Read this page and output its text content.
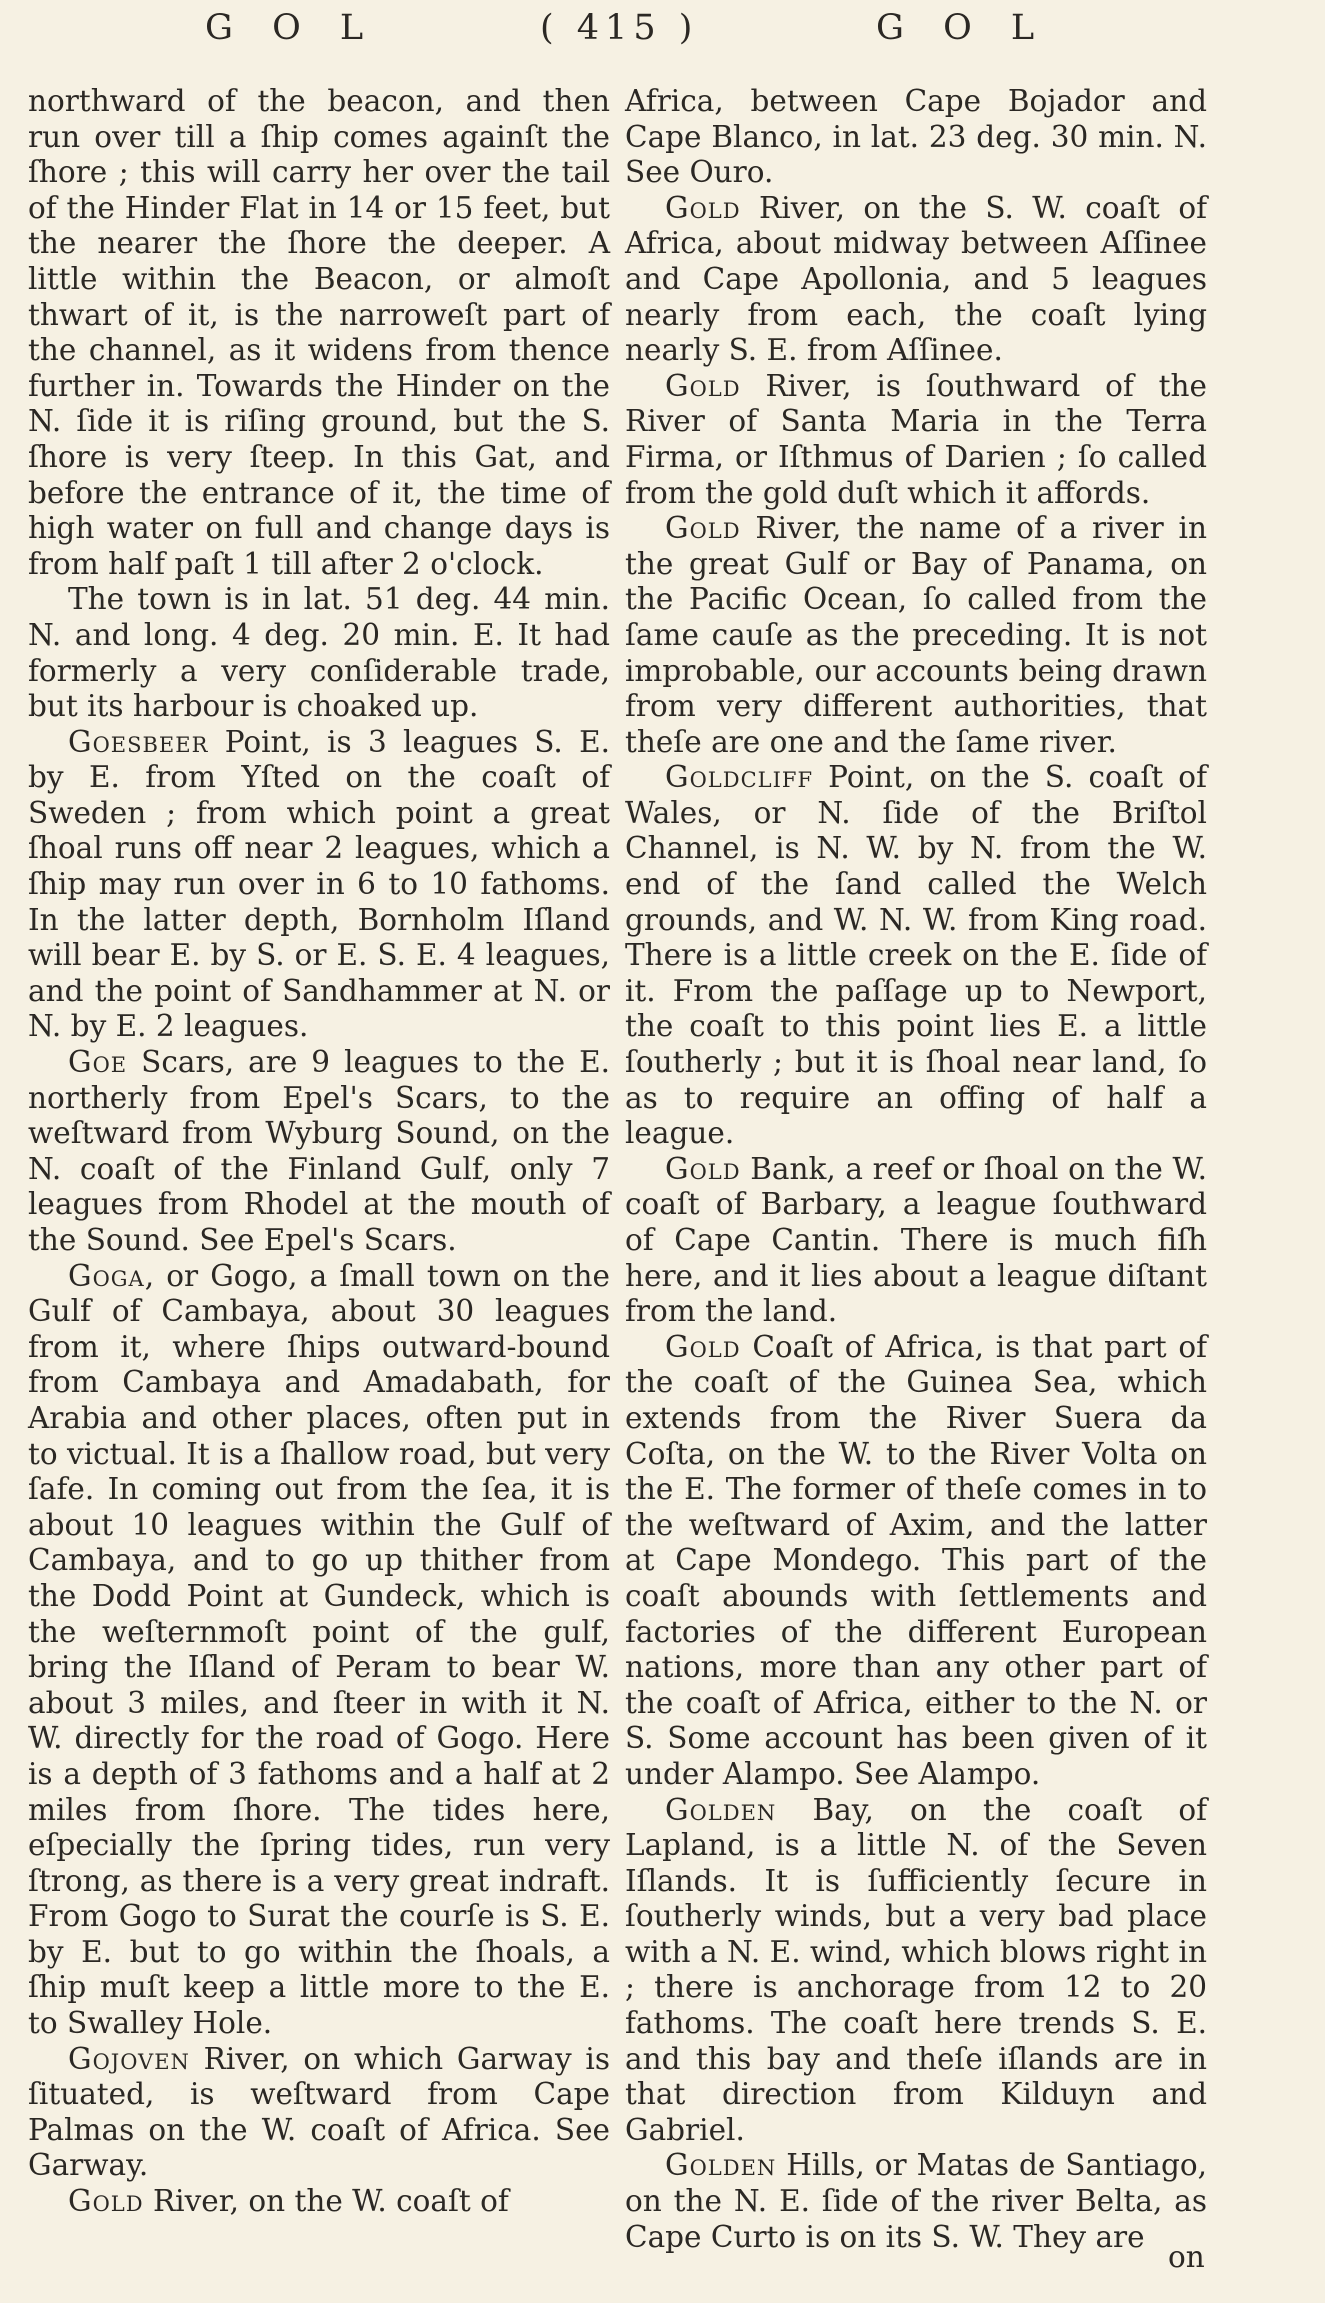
G O L	( 415 )	G O L

northward of the beacon, and then run over till a ſhip comes againſt the ſhore ; this will carry her over the tail of the Hinder Flat in 14 or 15 feet, but the nearer the ſhore the deeper. A little within the Beacon, or almoſt thwart of it, is the narroweſt part of the channel, as it widens from thence further in. Towards the Hinder on the N. ſide it is riſing ground, but the S. ſhore is very ſteep. In this Gat, and before the entrance of it, the time of high water on full and change days is from half paſt 1 till after 2 o'clock.

The town is in lat. 51 deg. 44 min. N. and long. 4 deg. 20 min. E. It had formerly a very conſiderable trade, but its harbour is choaked up.

Goesbeer Point, is 3 leagues S. E. by E. from Yſted on the coaſt of Sweden ; from which point a great ſhoal runs off near 2 leagues, which a ſhip may run over in 6 to 10 fathoms. In the latter depth, Bornholm Iſland will bear E. by S. or E. S. E. 4 leagues, and the point of Sandhammer at N. or N. by E. 2 leagues.

Goe Scars, are 9 leagues to the E. northerly from Epel's Scars, to the weſtward from Wyburg Sound, on the N. coaſt of the Finland Gulf, only 7 leagues from Rhodel at the mouth of the Sound. See Epel's Scars.

Goga, or Gogo, a ſmall town on the Gulf of Cambaya, about 30 leagues from it, where ſhips outward-bound from Cambaya and Amadabath, for Arabia and other places, often put in to victual. It is a ſhallow road, but very ſafe. In coming out from the ſea, it is about 10 leagues within the Gulf of Cambaya, and to go up thither from the Dodd Point at Gundeck, which is the weſternmoſt point of the gulf, bring the Iſland of Peram to bear W. about 3 miles, and ſteer in with it N. W. directly for the road of Gogo. Here is a depth of 3 fathoms and a half at 2 miles from ſhore. The tides here, eſpecially the ſpring tides, run very ſtrong, as there is a very great indraft. From Gogo to Surat the courſe is S. E. by E. but to go within the ſhoals, a ſhip muſt keep a little more to the E. to Swalley Hole.

Gojoven River, on which Garway is ſituated, is weſtward from Cape Palmas on the W. coaſt of Africa. See Garway.

Gold River, on the W. coaſt of

Africa, between Cape Bojador and Cape Blanco, in lat. 23 deg. 30 min. N. See Ouro.

Gold River, on the S. W. coaſt of Africa, about midway between Aſſinee and Cape Apollonia, and 5 leagues nearly from each, the coaſt lying nearly S. E. from Aſſinee.

Gold River, is ſouthward of the River of Santa Maria in the Terra Firma, or Iſthmus of Darien ; ſo called from the gold duſt which it affords.

Gold River, the name of a river in the great Gulf or Bay of Panama, on the Pacific Ocean, ſo called from the ſame cauſe as the preceding. It is not improbable, our accounts being drawn from very different authorities, that theſe are one and the ſame river.

Goldcliff Point, on the S. coaſt of Wales, or N. ſide of the Briſtol Channel, is N. W. by N. from the W. end of the ſand called the Welch grounds, and W. N. W. from King road. There is a little creek on the E. ſide of it. From the paſſage up to Newport, the coaſt to this point lies E. a little ſoutherly ; but it is ſhoal near land, ſo as to require an offing of half a league.

Gold Bank, a reef or ſhoal on the W. coaſt of Barbary, a league ſouthward of Cape Cantin. There is much fiſh here, and it lies about a league diſtant from the land.

Gold Coaſt of Africa, is that part of the coaſt of the Guinea Sea, which extends from the River Suera da Coſta, on the W. to the River Volta on the E. The former of theſe comes in to the weſtward of Axim, and the latter at Cape Mondego. This part of the coaſt abounds with ſettlements and factories of the different European nations, more than any other part of the coaſt of Africa, either to the N. or S. Some account has been given of it under Alampo. See Alampo.

Golden Bay, on the coaſt of Lapland, is a little N. of the Seven Iſlands. It is ſufficiently ſecure in ſoutherly winds, but a very bad place with a N. E. wind, which blows right in ; there is anchorage from 12 to 20 fathoms. The coaſt here trends S. E. and this bay and theſe iſlands are in that direction from Kilduyn and Gabriel.

Golden Hills, or Matas de Santiago, on the N. E. ſide of the river Belta, as Cape Curto is on its S. W. They are

on
